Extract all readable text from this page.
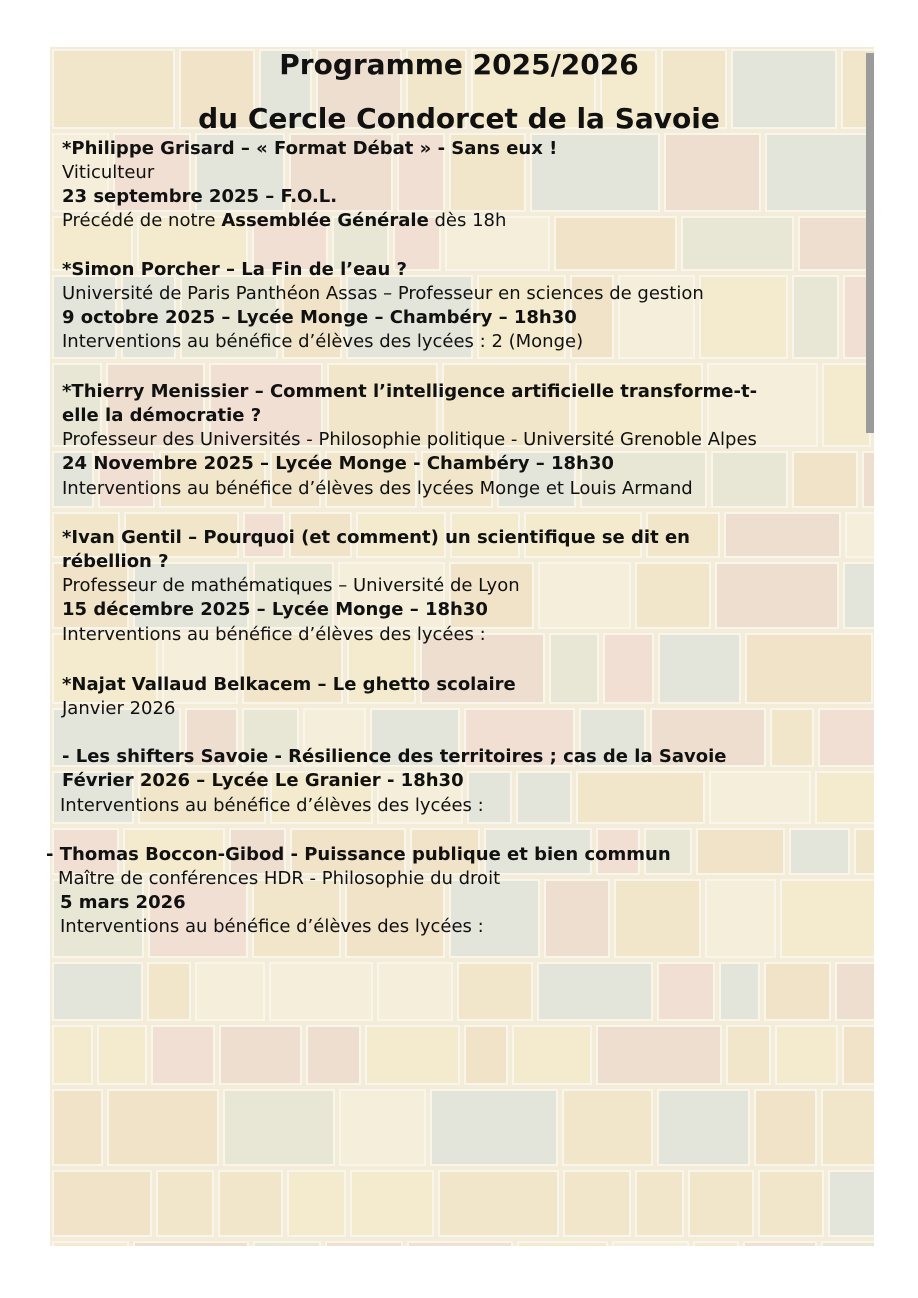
Programme 2025/2026

du Cercle Condorcet de la Savoie

*Philippe Grisard – « Format Débat » - Sans eux !

Viticulteur

23 septembre 2025 – F.O.L.

Précédé de notre Assemblée Générale dès 18h

*Simon Porcher – La Fin de l’eau ?

Université de Paris Panthéon Assas – Professeur en sciences de gestion

9 octobre 2025 – Lycée Monge – Chambéry – 18h30

Interventions au bénéfice d’élèves des lycées : 2 (Monge)

*Thierry Menissier – Comment l’intelligence artificielle transforme-t-

elle la démocratie ?

Professeur des Universités - Philosophie politique - Université Grenoble Alpes

24 Novembre 2025 – Lycée Monge - Chambéry – 18h30

Interventions au bénéfice d’élèves des lycées Monge et Louis Armand

*Ivan Gentil – Pourquoi (et comment) un scientifique se dit en

rébellion ?

Professeur de mathématiques – Université de Lyon

15 décembre 2025 – Lycée Monge – 18h30

Interventions au bénéfice d’élèves des lycées :

*Najat Vallaud Belkacem – Le ghetto scolaire

Janvier 2026

- Les shifters Savoie - Résilience des territoires ; cas de la Savoie

Février 2026 – Lycée Le Granier - 18h30

Interventions au bénéfice d’élèves des lycées :

- Thomas Boccon-Gibod - Puissance publique et bien commun

Maître de conférences HDR - Philosophie du droit

5 mars 2026

Interventions au bénéfice d’élèves des lycées :
